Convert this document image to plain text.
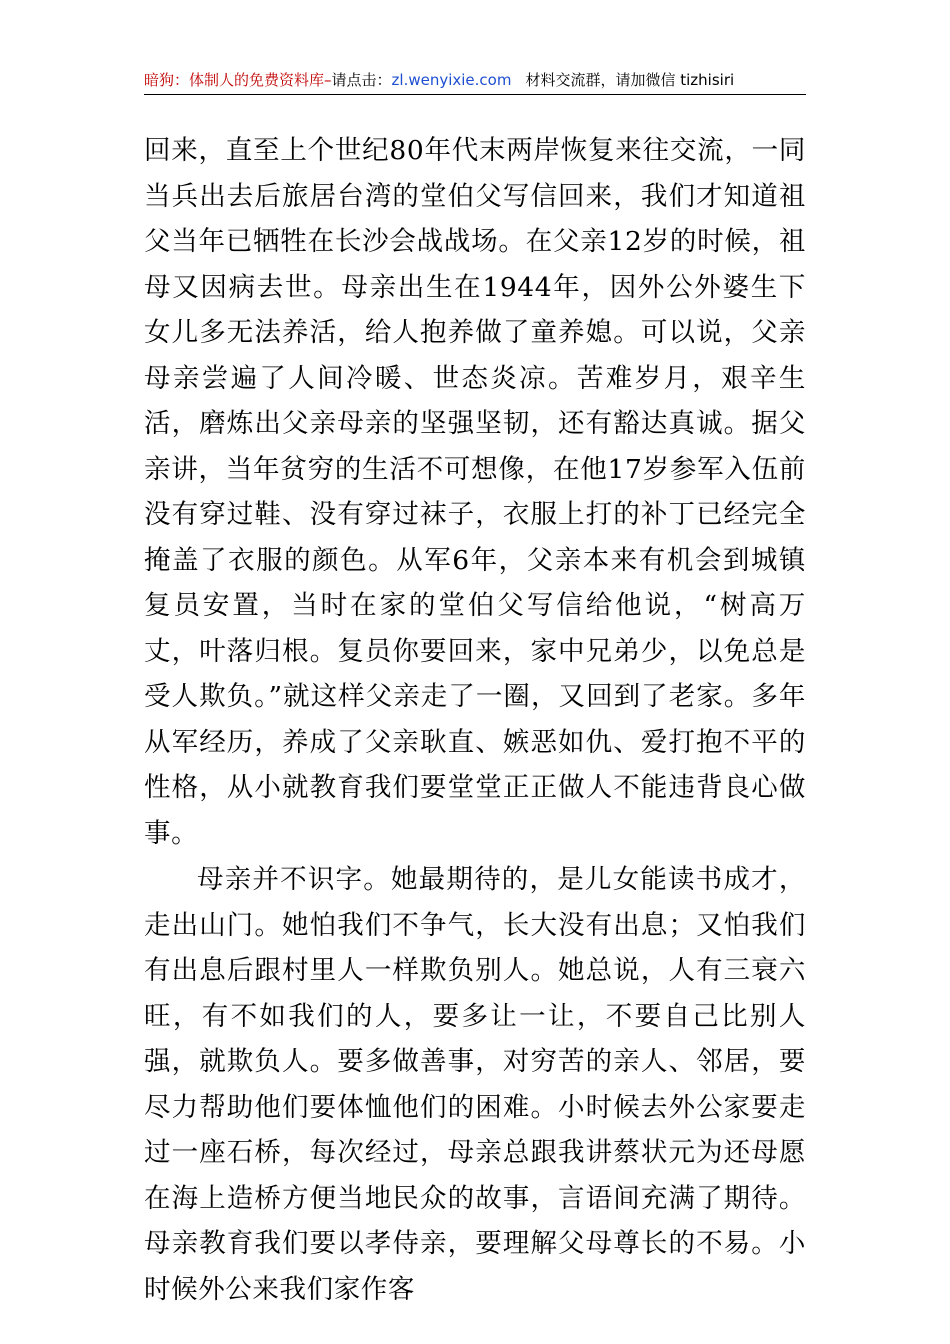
暗狗：体制人的免费资料库–请点击：zl.wenyixie.com 材料交流群，请加微信 tizhisiri

回来，直至上个世纪80年代末两岸恢复来往交流，一同当兵出去后旅居台湾的堂伯父写信回来，我们才知道祖父当年已牺牲在长沙会战战场。在父亲12岁的时候，祖母又因病去世。母亲出生在1944年，因外公外婆生下女儿多无法养活，给人抱养做了童养媳。可以说，父亲母亲尝遍了人间冷暖、世态炎凉。苦难岁月，艰辛生活，磨炼出父亲母亲的坚强坚韧，还有豁达真诚。据父亲讲，当年贫穷的生活不可想像，在他17岁参军入伍前没有穿过鞋、没有穿过袜子，衣服上打的补丁已经完全掩盖了衣服的颜色。从军6年，父亲本来有机会到城镇复员安置，当时在家的堂伯父写信给他说，“树高万丈，叶落归根。复员你要回来，家中兄弟少，以免总是受人欺负。”就这样父亲走了一圈，又回到了老家。多年从军经历，养成了父亲耿直、嫉恶如仇、爱打抱不平的性格，从小就教育我们要堂堂正正做人不能违背良心做事。

母亲并不识字。她最期待的，是儿女能读书成才，走出山门。她怕我们不争气，长大没有出息；又怕我们有出息后跟村里人一样欺负别人。她总说，人有三衰六旺，有不如我们的人，要多让一让，不要自己比别人强，就欺负人。要多做善事，对穷苦的亲人、邻居，要尽力帮助他们要体恤他们的困难。小时候去外公家要走过一座石桥，每次经过，母亲总跟我讲蔡状元为还母愿在海上造桥方便当地民众的故事，言语间充满了期待。母亲教育我们要以孝侍亲，要理解父母尊长的不易。小时候外公来我们家作客
